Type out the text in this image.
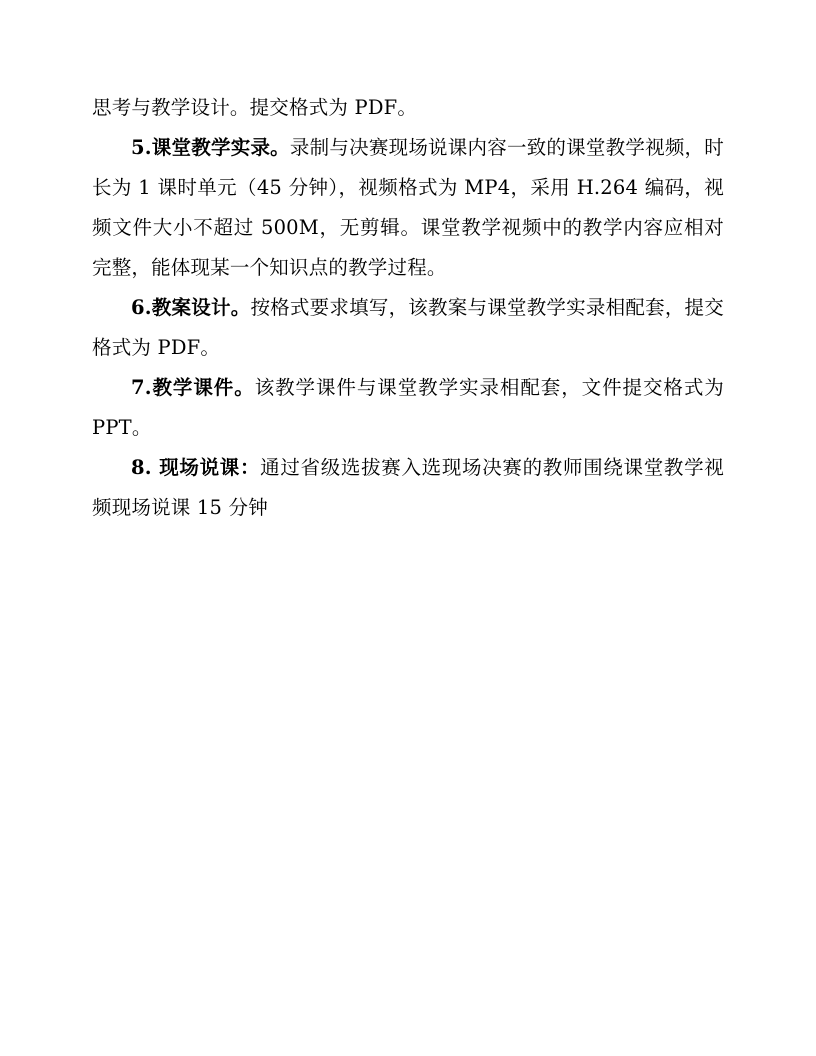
思考与教学设计。提交格式为 PDF。

5.课堂教学实录。录制与决赛现场说课内容一致的课堂教学视频，时长为 1 课时单元（45 分钟），视频格式为 MP4，采用 H.264 编码，视频文件大小不超过 500M，无剪辑。课堂教学视频中的教学内容应相对完整，能体现某一个知识点的教学过程。

6.教案设计。按格式要求填写，该教案与课堂教学实录相配套，提交格式为 PDF。

7.教学课件。该教学课件与课堂教学实录相配套，文件提交格式为 PPT。

8. 现场说课：通过省级选拔赛入选现场决赛的教师围绕课堂教学视频现场说课 15 分钟
